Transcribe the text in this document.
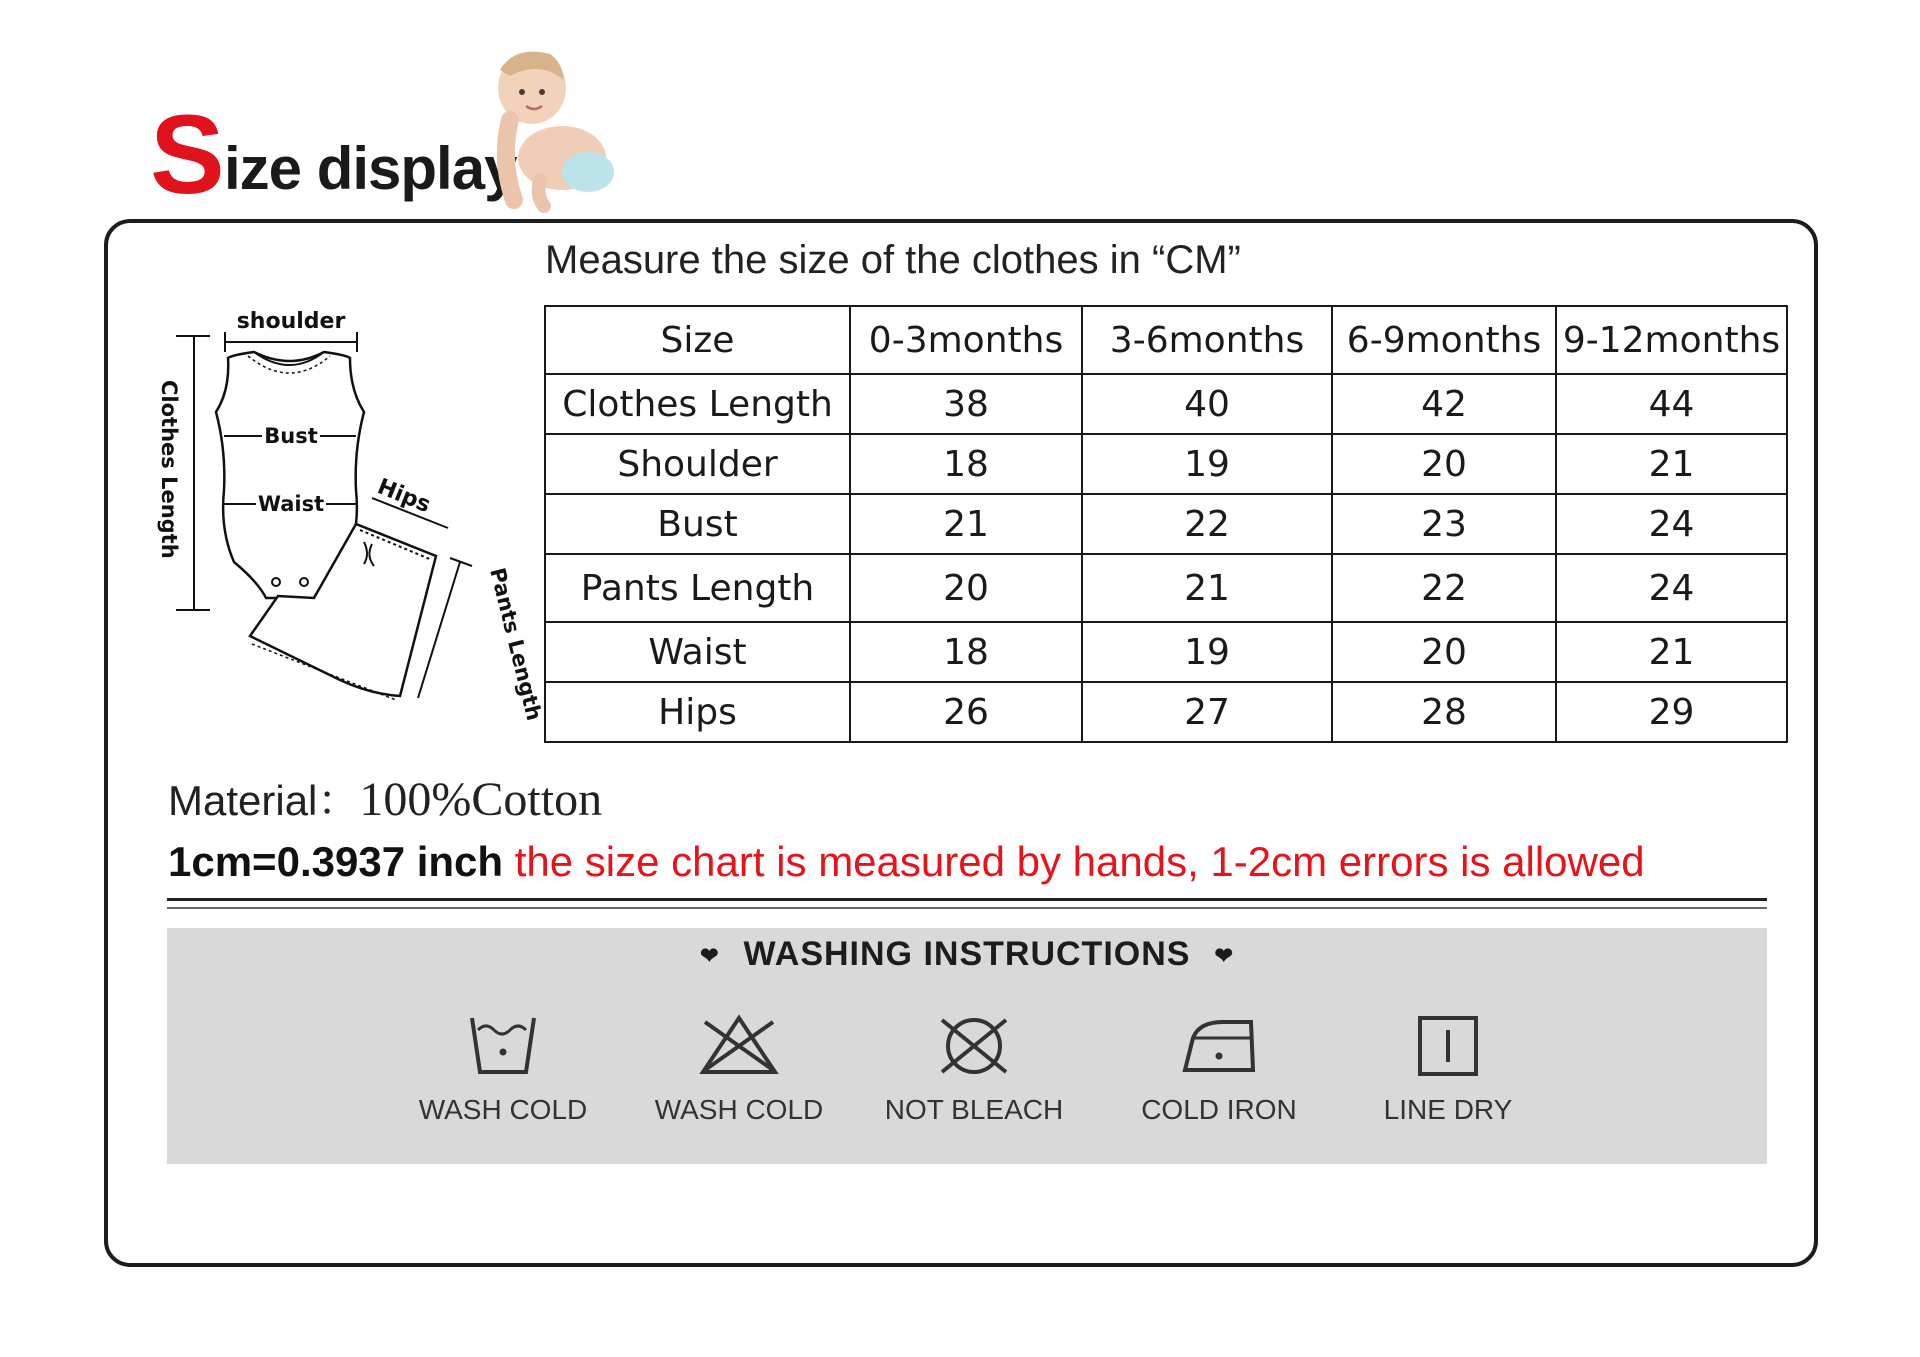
S ize display
Measure the size of the clothes in “CM”
shoulder
Clothes Length	Bust
Waist Hips
Pants Length
Size	0-3months	3-6months	6-9months	9-12months
Clothes Length	38	40	42	44
Shoulder	18	19	20	21
Bust	21	22	23	24
Pants Length	20	21	22	24
Waist	18	19	20	21
Hips	26	27	28	29
Material：100%Cotton
1cm=0.3937 inch the size chart is measured by hands, 1-2cm errors is allowed
❤ WASHING INSTRUCTIONS ❤
WASH COLD	WASH COLD	NOT BLEACH	COLD IRON	LINE DRY
